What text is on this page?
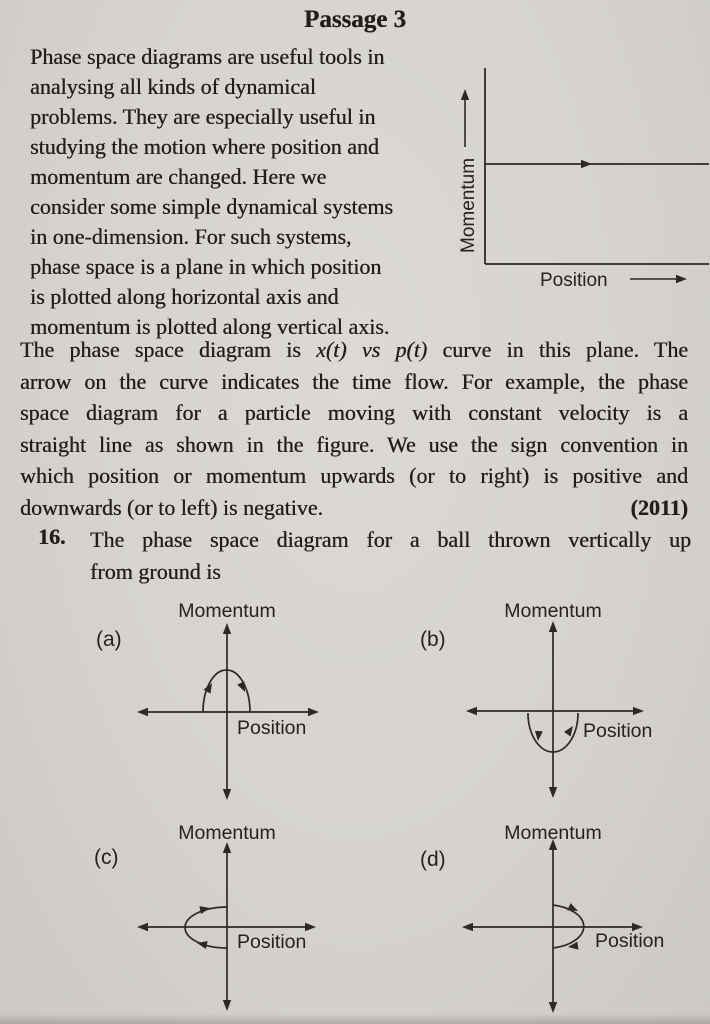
Passage 3
Phase space diagrams are useful tools in
analysing all kinds of dynamical
problems. They are especially useful in
studying the motion where position and
momentum are changed. Here we
consider some simple dynamical systems
in one-dimension. For such systems,
phase space is a plane in which position
is plotted along horizontal axis and
momentum is plotted along vertical axis.
Momentum
Position
The phase space diagram is x(t) vs p(t) curve in this plane. The
arrow on the curve indicates the time flow. For example, the phase
space diagram for a particle moving with constant velocity is a
straight line as shown in the figure. We use the sign convention in
which position or momentum upwards (or to right) is positive and
downwards (or to left) is negative.	(2011)
16. The phase space diagram for a ball thrown vertically up
from ground is
(a)	(b)
(c)	(d)
Momentum
Position
Momentum
Position
Momentum
Position
Momentum
Position
